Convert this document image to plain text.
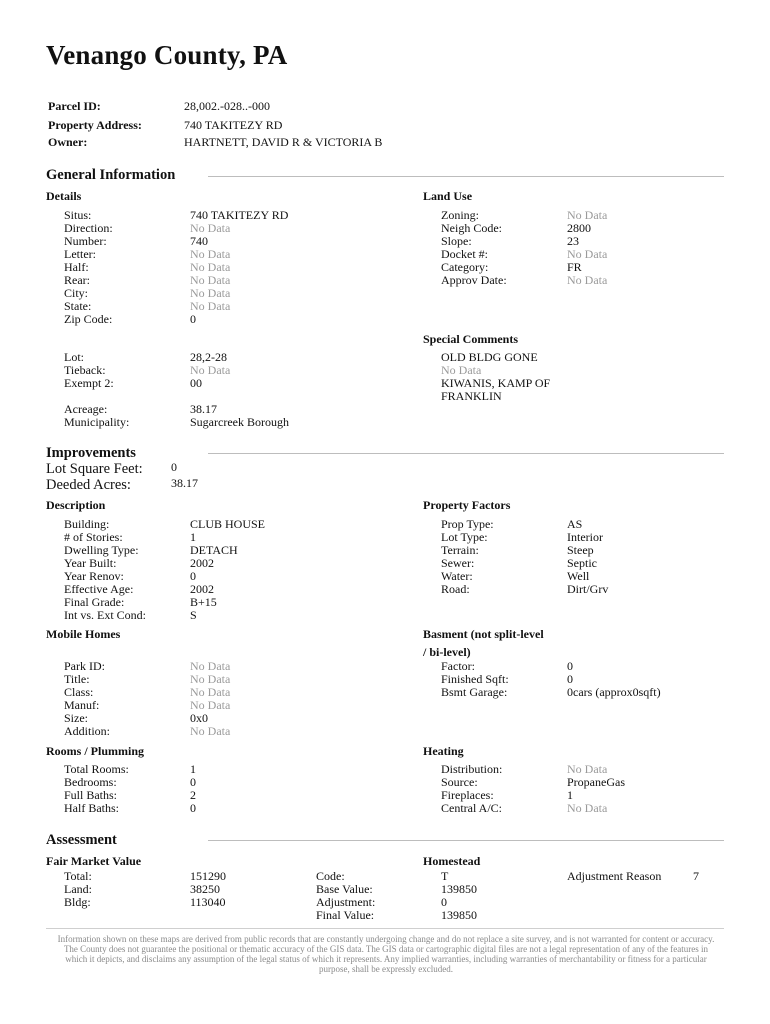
Venango County, PA
Parcel ID:	28,002.-028..-000
Property Address:	740 TAKITEZY RD
Owner:	HARTNETT, DAVID R & VICTORIA B
General Information
Details	Land Use
Situs:	740 TAKITEZY RD
Direction:	No Data
Number:	740
Letter:	No Data
Half:	No Data
Rear:	No Data
City:	No Data
State:	No Data
Zip Code:	0
Lot:	28,2-28
Tieback:	No Data
Exempt 2:	00
Acreage:	38.17
Municipality:	Sugarcreek Borough
Zoning:	No Data
Neigh Code:	2800
Slope:	23
Docket #:	No Data
Category:	FR
Approv Date:	No Data
Special Comments
OLD BLDG GONE
No Data
KIWANIS, KAMP OF
FRANKLIN
Improvements
Lot Square Feet: 0
Deeded Acres:	38.17
Description	Property Factors
Building:	CLUB HOUSE
# of Stories:	1
Dwelling Type:	DETACH
Year Built:	2002
Year Renov:	0
Effective Age:	2002
Final Grade:	B+15
Int vs. Ext Cond:	S
Prop Type:	AS
Lot Type:	Interior
Terrain:	Steep
Sewer:	Septic
Water:	Well
Road:	Dirt/Grv
Mobile Homes	Basment (not split-level
/ bi-level)
Park ID:	No Data
Title:	No Data
Class:	No Data
Manuf:	No Data
Size:	0x0
Addition:	No Data
Factor:	0
Finished Sqft:	0
Bsmt Garage:	0cars (approx0sqft)
Rooms / Plumming	Heating
Total Rooms:	1
Bedrooms:	0
Full Baths:	2
Half Baths:	0
Distribution:	No Data
Source:	PropaneGas
Fireplaces:	1
Central A/C:	No Data
Assessment
Fair Market Value	Homestead
Total:	151290
Land:	38250
Bldg:	113040
Code:	T
Base Value:	139850
Adjustment:	0
Final Value:	139850
Adjustment Reason	7
Information shown on these maps are derived from public records that are constantly undergoing change and do not replace a site survey, and is not warranted for content or accuracy. The County does not guarantee the positional or thematic accuracy of the GIS data. The GIS data or cartographic digital files are not a legal representation of any of the features in which it depicts, and disclaims any assumption of the legal status of which it represents. Any implied warranties, including warranties of merchantability or fitness for a particular purpose, shall be expressly excluded.
